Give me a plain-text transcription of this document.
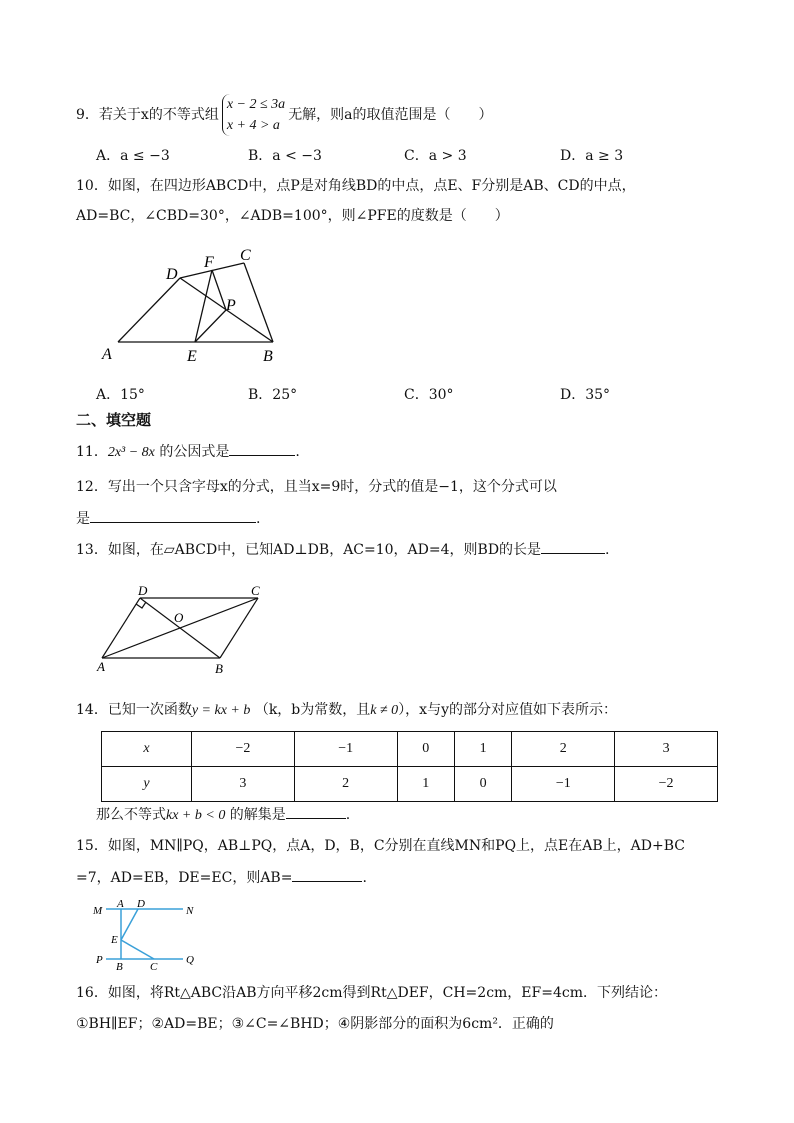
9．若关于x的不等式组
x − 2 ≤ 3a
x + 4 > a
无解，则a的取值范围是（　　）
A．a ≤ −3	B．a < −3	C．a > 3	D．a ≥ 3
10．如图，在四边形ABCD中，点P是对角线BD的中点，点E、F分别是AB、CD的中点，
AD=BC，∠CBD=30°，∠ADB=100°，则∠PFE的度数是（　　）
D
F C
P
A	E	B
A．15°	B．25°	C．30°	D．35°
二、填空题
11．2x³ − 8x 的公因式是	.
12．写出一个只含字母x的分式，且当x=9时，分式的值是−1，这个分式可以
是	.
13．如图，在▱ABCD中，已知AD⊥DB，AC=10，AD=4，则BD的长是	.
D	C
O
A	B
14．已知一次函数y = kx + b （k，b为常数，且k ≠ 0），x与y的部分对应值如下表所示：
x	−2	−1	0	1	2	3
y	3	2	1	0	−1	−2
那么不等式kx + b < 0 的解集是	.
15．如图，MN∥PQ，AB⊥PQ，点A，D，B，C分别在直线MN和PQ上，点E在AB上，AD+BC
=7，AD=EB，DE=EC，则AB=	.
M
A D
N
E
P
B C
Q
16．如图，将Rt△ABC沿AB方向平移2cm得到Rt△DEF，CH=2cm，EF=4cm．下列结论：
①BH∥EF；②AD=BE；③∠C=∠BHD；④阴影部分的面积为6cm²．正确的
